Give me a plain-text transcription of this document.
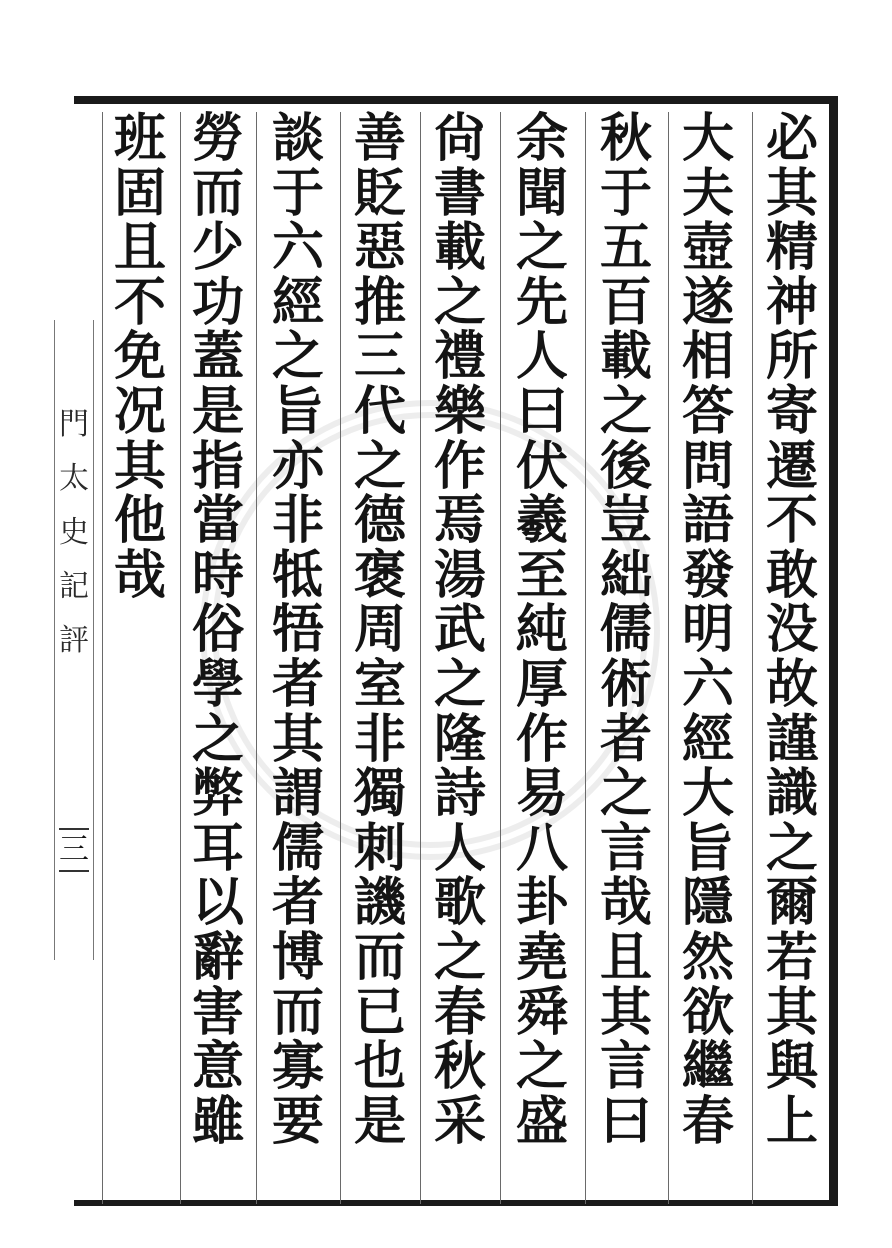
必
其
精
神
所
寄
遷
不
敢
没
故
謹
識
之
爾
若
其
與
上
大
夫
壺
遂
相
答
問
語
發
明
六
經
大
旨
隱
然
欲
繼
春
秋
于
五
百
載
之
後
豈
絀
儒
術
者
之
言
哉
且
其
言
曰
余
聞
之
先
人
曰
伏
羲
至
純
厚
作
易
八
卦
堯
舜
之
盛
尙
書
載
之
禮
樂
作
焉
湯
武
之
隆
詩
人
歌
之
春
秋
采
善
貶
惡
推
三
代
之
德
褒
周
室
非
獨
刺
譏
而
已
也
是
談
于
六
經
之
旨
亦
非
牴
牾
者
其
謂
儒
者
博
而
寡
要
勞
而
少
功
蓋
是
指
當
時
俗
學
之
弊
耳
以
辭
害
意
雖
班
固
且
不
免
况
其
他
哉
門
太
史
記
評
三
